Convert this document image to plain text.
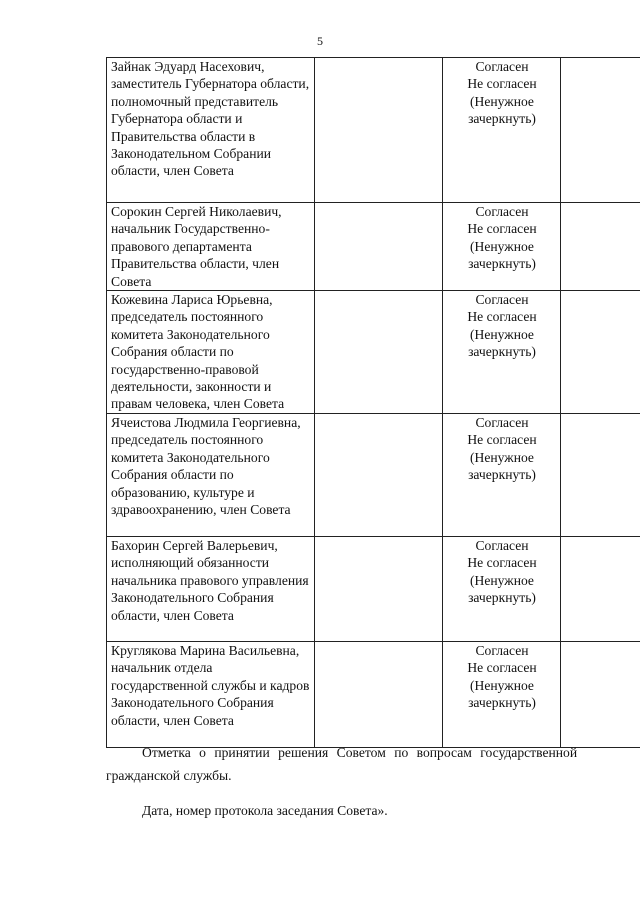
5
Зайнак Эдуард Насехович, заместитель Губернатора области, полномочный представитель Губернатора области и Правительства области в Законодательном Собрании области, член Совета		Согласен
Не согласен
(Ненужное
зачеркнуть)	

Сорокин Сергей Николаевич, начальник Государственно-правового департамента Правительства области, член Совета		Согласен
Не согласен
(Ненужное
зачеркнуть)	

Кожевина Лариса Юрьевна, председатель постоянного комитета Законодательного Собрания области по государственно-правовой деятельности, законности и правам человека, член Совета		Согласен
Не согласен
(Ненужное
зачеркнуть)	

Ячеистова Людмила Георгиевна, председатель постоянного комитета Законодательного Собрания области по образованию, культуре и здравоохранению, член Совета		Согласен
Не согласен
(Ненужное
зачеркнуть)	

Бахорин Сергей Валерьевич, исполняющий обязанности начальника правового управления Законодательного Собрания области, член Совета		Согласен
Не согласен
(Ненужное
зачеркнуть)	

Круглякова Марина Васильевна, начальник отдела государственной службы и кадров Законодательного Собрания области, член Совета		Согласен
Не согласен
(Ненужное
зачеркнуть)	

Отметка о принятии решения Советом по вопросам государственной
гражданской службы.

Дата, номер протокола заседания Совета».
